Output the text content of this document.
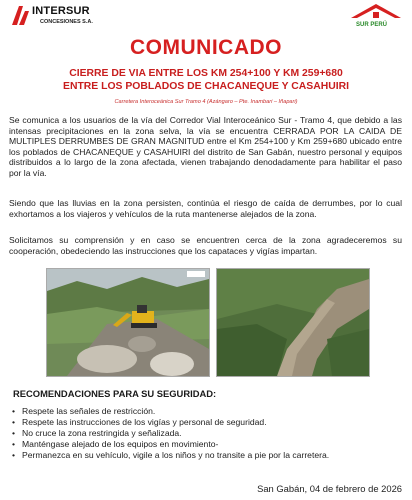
INTERSUR
CONCESIONES S.A.	SUR PERÚ
COMUNICADO
CIERRE DE VIA ENTRE LOS KM 254+100 Y KM 259+680
ENTRE LOS POBLADOS DE CHACANEQUE Y CASAHUIRI
Carretera Interoceánica Sur Tramo 4 (Azángaro – Pte. Inambari – Iñapari)
Se comunica a los usuarios de la vía del Corredor Vial Interoceánico Sur - Tramo 4, que debido a las intensas precipitaciones en la zona selva, la vía se encuentra CERRADA POR LA CAIDA DE MULTIPLES DERRUMBES DE GRAN MAGNITUD entre el Km 254+100 y Km 259+680 ubicado entre los poblados de CHACANEQUE y CASAHUIRI del distrito de San Gabán, nuestro personal y equipos distribuidos a lo largo de la zona afectada, vienen trabajando denodadamente para habilitar el paso por la vía.
Siendo que las lluvias en la zona persisten, continúa el riesgo de caída de derrumbes, por lo cual exhortamos a los viajeros y vehículos de la ruta mantenerse alejados de la zona.
Solicitamos su comprensión y en caso se encuentren cerca de la zona agradeceremos su cooperación, obedeciendo las instrucciones que los capataces y vigías impartan.
RECOMENDACIONES PARA SU SEGURIDAD:
• Respete las señales de restricción.
• Respete las instrucciones de los vigías y personal de seguridad.
• No cruce la zona restringida y señalizada.
• Manténgase alejado de los equipos en movimiento-
• Permanezca en su vehículo, vigile a los niños y no transite a pie por la carretera.
San Gabán, 04 de febrero de 2026
